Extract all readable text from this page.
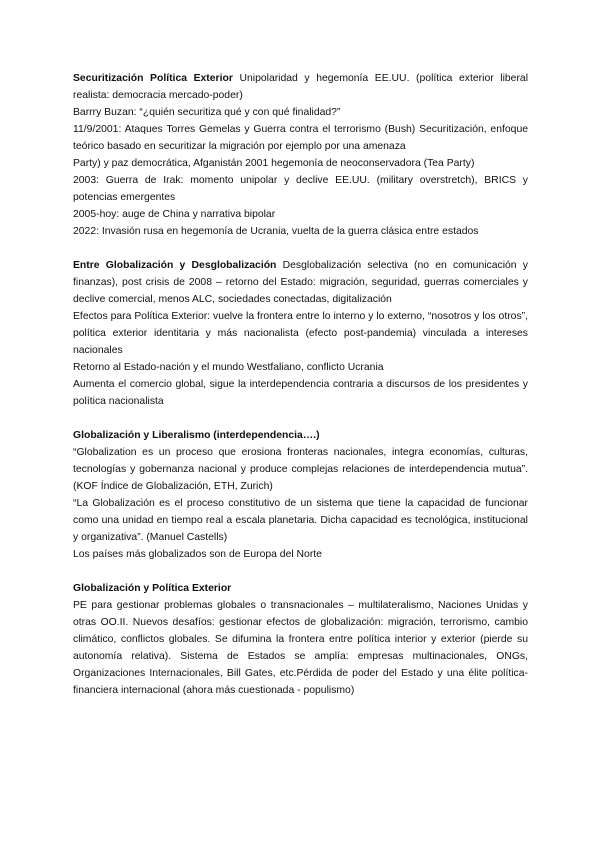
Securitización Política Exterior Unipolaridad y hegemonía EE.UU. (política exterior liberal realista: democracia mercado-poder)

Barrry Buzan: “¿quién securitiza qué y con qué finalidad?”

11/9/2001: Ataques Torres Gemelas y Guerra contra el terrorismo (Bush) Securitización, enfoque teórico basado en securitizar la migración por ejemplo por una amenaza

Party) y paz democrática, Afganistán 2001 hegemonía de neoconservadora (Tea Party)

2003: Guerra de Irak: momento unipolar y declive EE.UU. (military overstretch), BRICS y potencias emergentes

2005-hoy: auge de China y narrativa bipolar

2022: Invasión rusa en hegemonía de Ucrania, vuelta de la guerra clásica entre estados

Entre Globalización y Desglobalización Desglobalización selectiva (no en comunicación y finanzas), post crisis de 2008 – retorno del Estado: migración, seguridad, guerras comerciales y declive comercial, menos ALC, sociedades conectadas, digitalización

Efectos para Política Exterior: vuelve la frontera entre lo interno y lo externo, “nosotros y los otros”, política exterior identitaria y más nacionalista (efecto post-pandemia) vinculada a intereses nacionales

Retorno al Estado-nación y el mundo Westfaliano, conflicto Ucrania

Aumenta el comercio global, sigue la interdependencia contraria a discursos de los presidentes y política nacionalista

Globalización y Liberalismo (interdependencia….)

“Globalization es un proceso que erosiona fronteras nacionales, integra economías, culturas, tecnologías y gobernanza nacional y produce complejas relaciones de interdependencia mutua”.(KOF Índice de Globalización, ETH, Zurich)

“La Globalización es el proceso constitutivo de un sistema que tiene la capacidad de funcionar como una unidad en tiempo real a escala planetaria. Dicha capacidad es tecnológica, institucional y organizativa”. (Manuel Castells)

Los países más globalizados son de Europa del Norte

Globalización y Política Exterior

PE para gestionar problemas globales o transnacionales – multilateralismo, Naciones Unidas y otras OO.II. Nuevos desafíos: gestionar efectos de globalización: migración, terrorismo, cambio climático, conflictos globales. Se difumina la frontera entre política interior y exterior (pierde su autonomía relativa). Sistema de Estados se amplía: empresas multinacionales, ONGs, Organizaciones Internacionales, Bill Gates, etc.Pérdida de poder del Estado y una élite política-financiera internacional (ahora más cuestionada - populismo)
